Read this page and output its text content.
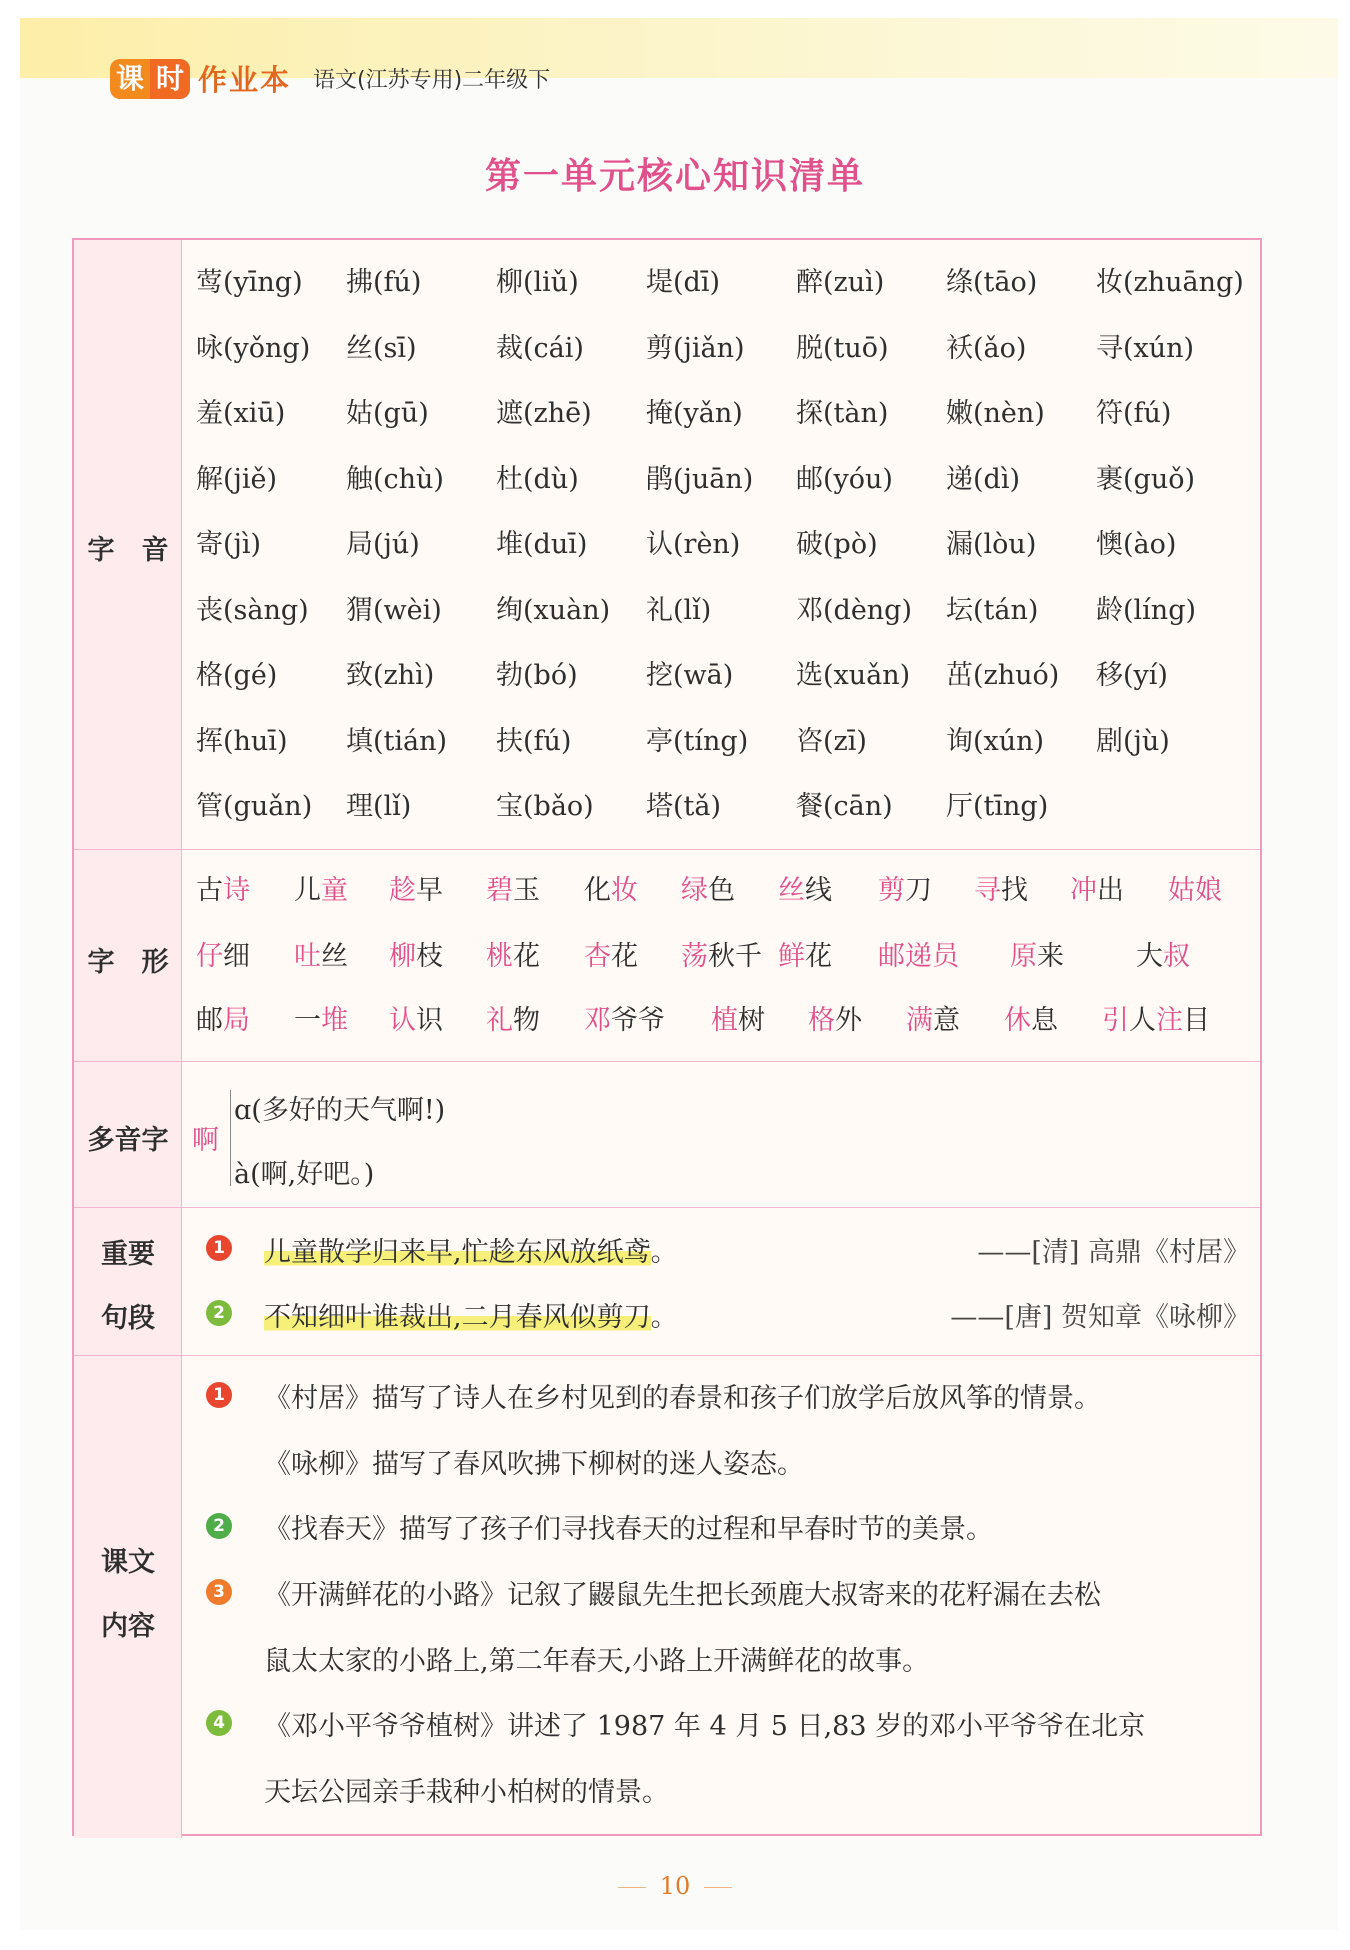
课 时 作业本 语文(江苏专用)二年级下
第一单元核心知识清单
字　音
莺(yīng) 拂(fú)	柳(liǔ) 堤(dī)	醉(zuì) 绦(tāo) 妆(zhuāng)
咏(yǒng) 丝(sī)	裁(cái) 剪(jiǎn) 脱(tuō) 袄(ǎo)	寻(xún)
羞(xiū) 姑(gū) 遮(zhē) 掩(yǎn) 探(tàn) 嫩(nèn) 符(fú)
解(jiě)	触(chù) 杜(dù) 鹃(juān) 邮(yóu) 递(dì)	裹(guǒ)
寄(jì)	局(jú)	堆(duī) 认(rèn) 破(pò)	漏(lòu) 懊(ào)
丧(sàng) 猬(wèi) 绚(xuàn) 礼(lǐ)	邓(dèng) 坛(tán) 龄(líng)
格(gé)	致(zhì) 勃(bó)	挖(wā) 选(xuǎn) 茁(zhuó) 移(yí)
挥(huī) 填(tián) 扶(fú)	亭(tíng) 咨(zī)	询(xún) 剧(jù)
管(guǎn) 理(lǐ)	宝(bǎo) 塔(tǎ)	餐(cān) 厅(tīng)
字　形
古诗 儿童 趁早 碧玉 化妆 绿色 丝线 剪刀 寻找 冲出 姑娘
仔细 吐丝 柳枝 桃花 杏花 荡秋千 鲜花 邮递员 原来	大叔
邮局 一堆 认识 礼物 邓爷爷 植树 格外 满意 休息 引人注目
多音字 啊
ɑ(多好的天气啊!)
à(啊,好吧。)
重要
句段
1 儿童散学归来早,忙趁东风放纸鸢。	——[清] 高鼎《村居》
2 不知细叶谁裁出,二月春风似剪刀。	——[唐] 贺知章《咏柳》
课文
内容
1 《村居》描写了诗人在乡村见到的春景和孩子们放学后放风筝的情景。
《咏柳》描写了春风吹拂下柳树的迷人姿态。
2 《找春天》描写了孩子们寻找春天的过程和早春时节的美景。
3 《开满鲜花的小路》记叙了鼹鼠先生把长颈鹿大叔寄来的花籽漏在去松
鼠太太家的小路上,第二年春天,小路上开满鲜花的故事。
4 《邓小平爷爷植树》讲述了 1987 年 4 月 5 日,83 岁的邓小平爷爷在北京
天坛公园亲手栽种小柏树的情景。
10
